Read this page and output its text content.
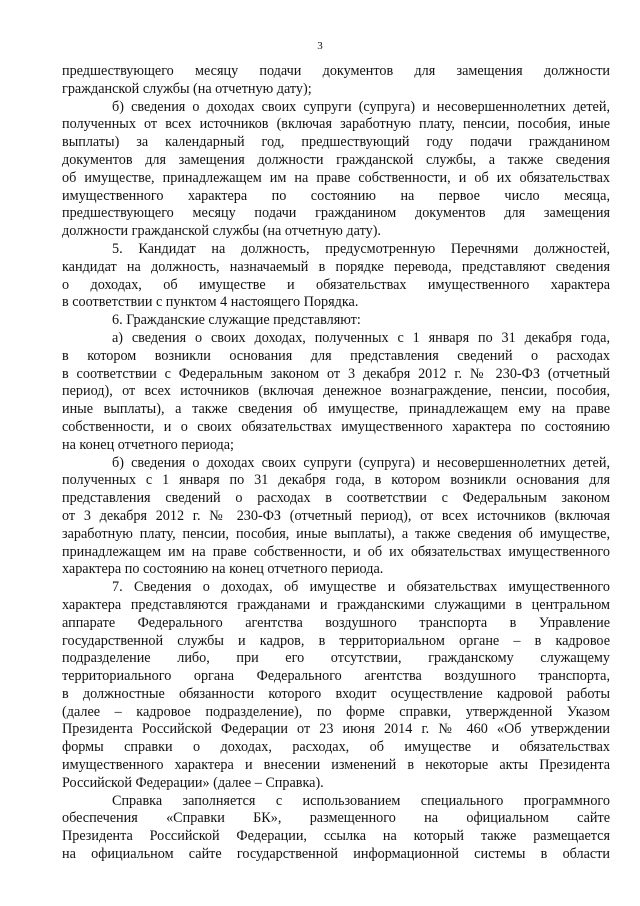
3
предшествующего месяцу подачи документов для замещения должности
гражданской службы (на отчетную дату);
б) сведения о доходах своих супруги (супруга) и несовершеннолетних детей,
полученных от всех источников (включая заработную плату, пенсии, пособия, иные
выплаты) за календарный год, предшествующий году подачи гражданином
документов для замещения должности гражданской службы, а также сведения
об имуществе, принадлежащем им на праве собственности, и об их обязательствах
имущественного характера по состоянию на первое число месяца,
предшествующего месяцу подачи гражданином документов для замещения
должности гражданской службы (на отчетную дату).
5. Кандидат на должность, предусмотренную Перечнями должностей,
кандидат на должность, назначаемый в порядке перевода, представляют сведения
о доходах, об имуществе и обязательствах имущественного характера
в соответствии с пунктом 4 настоящего Порядка.
6. Гражданские служащие представляют:
а) сведения о своих доходах, полученных с 1 января по 31 декабря года,
в котором возникли основания для представления сведений о расходах
в соответствии с Федеральным законом от 3 декабря 2012 г. № 230-ФЗ (отчетный
период), от всех источников (включая денежное вознаграждение, пенсии, пособия,
иные выплаты), а также сведения об имуществе, принадлежащем ему на праве
собственности, и о своих обязательствах имущественного характера по состоянию
на конец отчетного периода;
б) сведения о доходах своих супруги (супруга) и несовершеннолетних детей,
полученных с 1 января по 31 декабря года, в котором возникли основания для
представления сведений о расходах в соответствии с Федеральным законом
от 3 декабря 2012 г. № 230-ФЗ (отчетный период), от всех источников (включая
заработную плату, пенсии, пособия, иные выплаты), а также сведения об имуществе,
принадлежащем им на праве собственности, и об их обязательствах имущественного
характера по состоянию на конец отчетного периода.
7. Сведения о доходах, об имуществе и обязательствах имущественного
характера представляются гражданами и гражданскими служащими в центральном
аппарате Федерального агентства воздушного транспорта в Управление
государственной службы и кадров, в территориальном органе – в кадровое
подразделение либо, при его отсутствии, гражданскому служащему
территориального органа Федерального агентства воздушного транспорта,
в должностные обязанности которого входит осуществление кадровой работы
(далее – кадровое подразделение), по форме справки, утвержденной Указом
Президента Российской Федерации от 23 июня 2014 г. № 460 «Об утверждении
формы справки о доходах, расходах, об имуществе и обязательствах
имущественного характера и внесении изменений в некоторые акты Президента
Российской Федерации» (далее – Справка).
Справка заполняется с использованием специального программного
обеспечения «Справки БК», размещенного на официальном сайте
Президента Российской Федерации, ссылка на который также размещается
на официальном сайте государственной информационной системы в области
